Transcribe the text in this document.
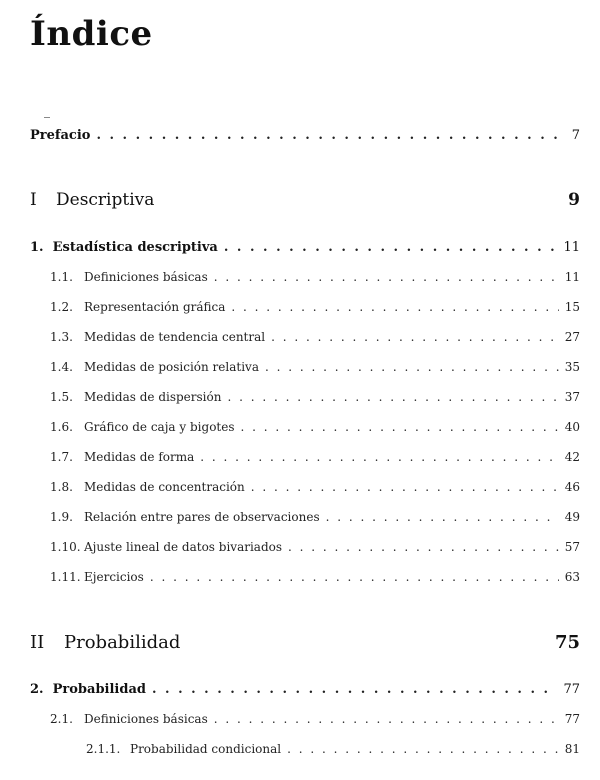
Índice
Prefacio . . .	7
I	Descriptiva	9
1. Estadística descriptiva . . .	11
1.1. Definiciones básicas . . .	11
1.2. Representación gráfica . . .	15
1.3. Medidas de tendencia central . . .	27
1.4. Medidas de posición relativa . . .	35
1.5. Medidas de dispersión . . .	37
1.6. Gráfico de caja y bigotes . . .	40
1.7. Medidas de forma . . .	42
1.8. Medidas de concentración . . .	46
1.9. Relación entre pares de observaciones . . .	49
1.10. Ajuste lineal de datos bivariados . . .	57
1.11. Ejercicios . . .	63
II	Probabilidad	75
2. Probabilidad . . .	77
2.1. Definiciones básicas . . .	77
2.1.1. Probabilidad condicional . . .	81
